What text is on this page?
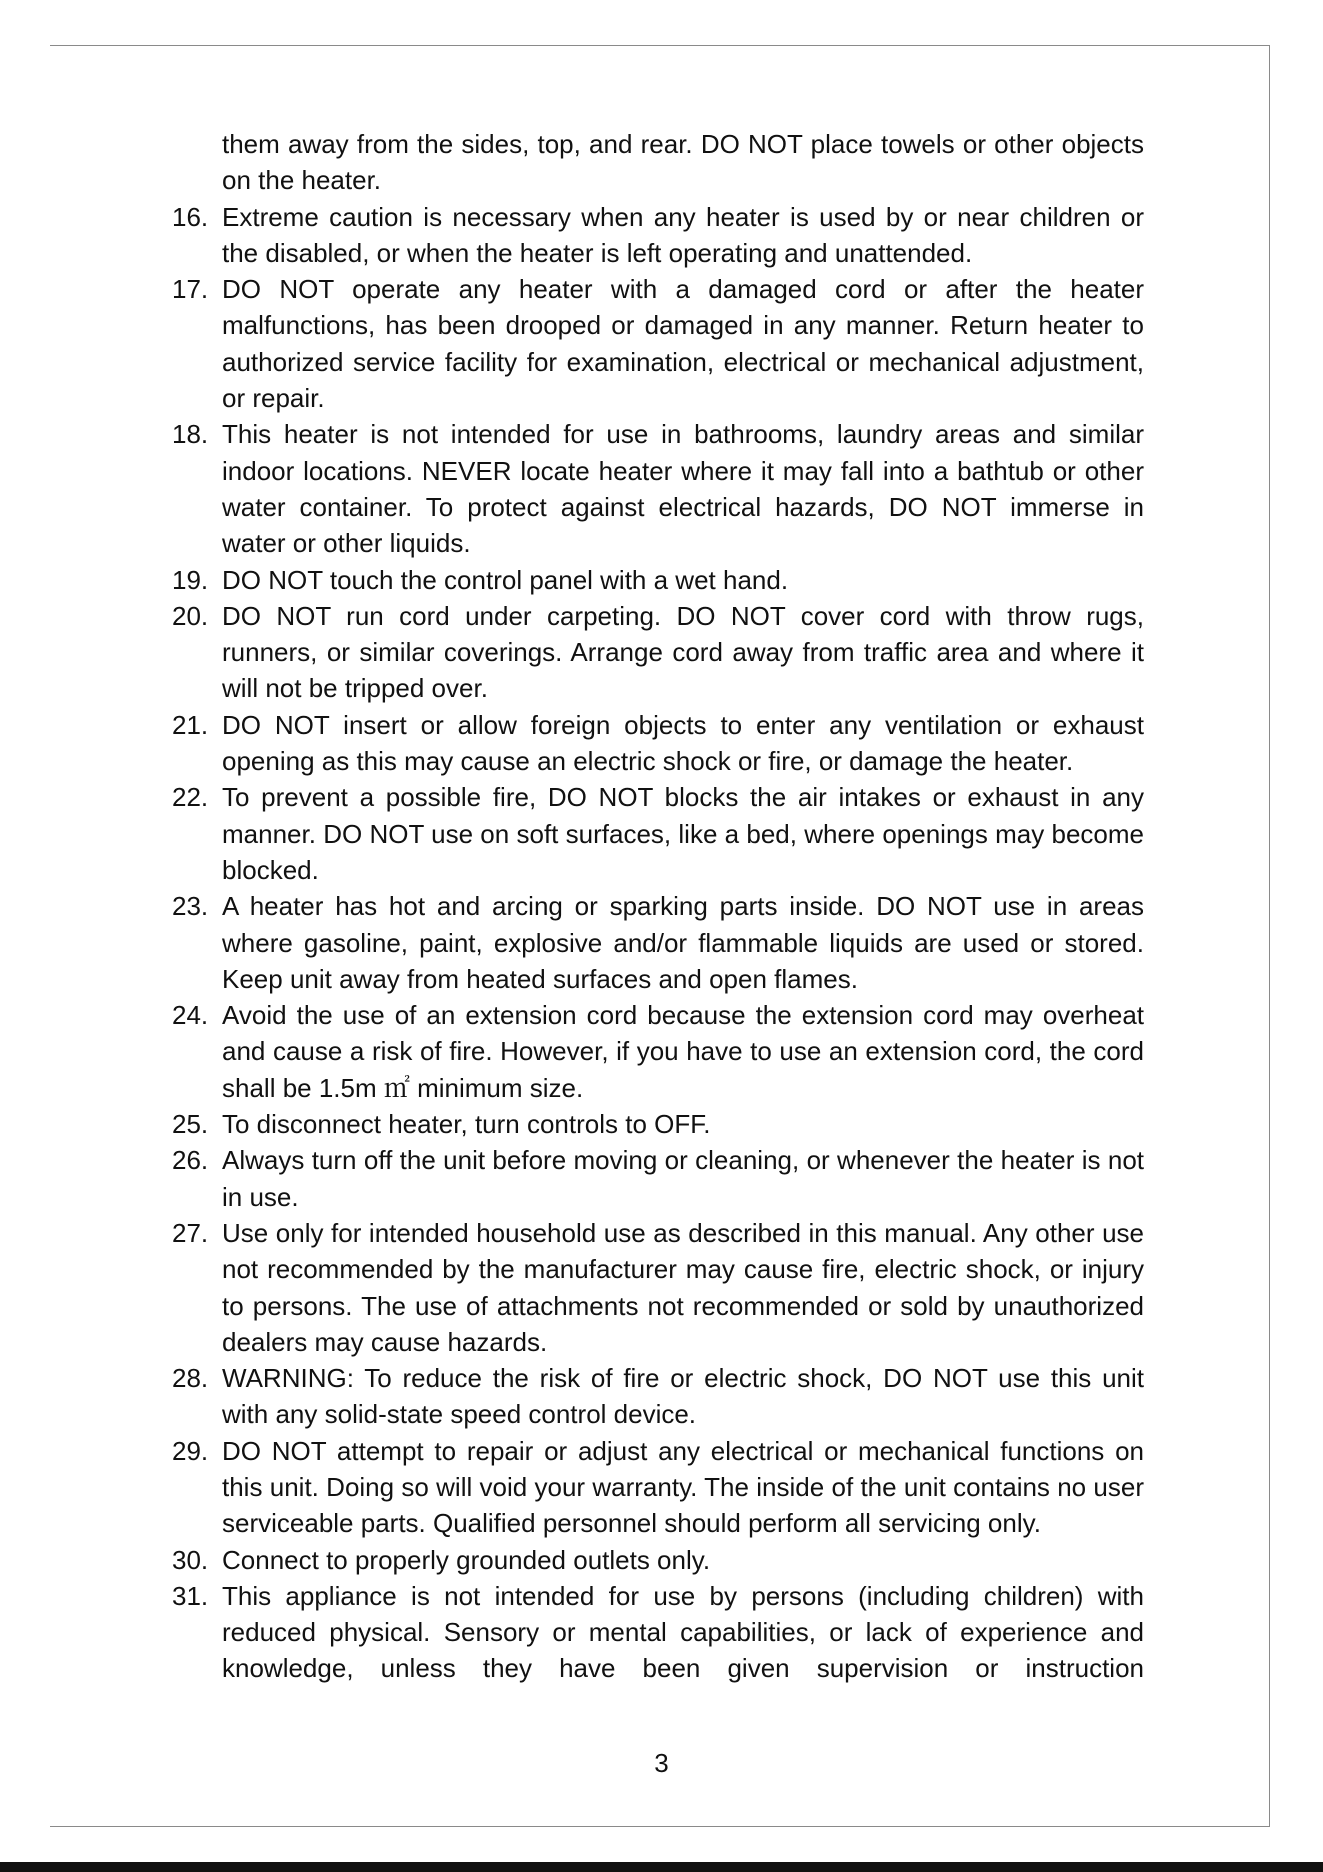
them away from the sides, top, and rear. DO NOT place towels or other objects on the heater.

16. Extreme caution is necessary when any heater is used by or near children or the disabled, or when the heater is left operating and unattended.
17. DO NOT operate any heater with a damaged cord or after the heater malfunctions, has been drooped or damaged in any manner. Return heater to authorized service facility for examination, electrical or mechanical adjustment, or repair.
18. This heater is not intended for use in bathrooms, laundry areas and similar indoor locations. NEVER locate heater where it may fall into a bathtub or other water container. To protect against electrical hazards, DO NOT immerse in water or other liquids.
19. DO NOT touch the control panel with a wet hand.
20. DO NOT run cord under carpeting. DO NOT cover cord with throw rugs, runners, or similar coverings. Arrange cord away from traffic area and where it will not be tripped over.
21. DO NOT insert or allow foreign objects to enter any ventilation or exhaust opening as this may cause an electric shock or fire, or damage the heater.
22. To prevent a possible fire, DO NOT blocks the air intakes or exhaust in any manner. DO NOT use on soft surfaces, like a bed, where openings may become blocked.
23. A heater has hot and arcing or sparking parts inside. DO NOT use in areas where gasoline, paint, explosive and/or flammable liquids are used or stored. Keep unit away from heated surfaces and open flames.
24. Avoid the use of an extension cord because the extension cord may overheat and cause a risk of fire. However, if you have to use an extension cord, the cord shall be 1.5m ㎡ minimum size.
25. To disconnect heater, turn controls to OFF.
26. Always turn off the unit before moving or cleaning, or whenever the heater is not in use.
27. Use only for intended household use as described in this manual. Any other use not recommended by the manufacturer may cause fire, electric shock, or injury to persons. The use of attachments not recommended or sold by unauthorized dealers may cause hazards.
28. WARNING: To reduce the risk of fire or electric shock, DO NOT use this unit with any solid-state speed control device.
29. DO NOT attempt to repair or adjust any electrical or mechanical functions on this unit. Doing so will void your warranty. The inside of the unit contains no user serviceable parts. Qualified personnel should perform all servicing only.
30. Connect to properly grounded outlets only.
31. This appliance is not intended for use by persons (including children) with reduced physical. Sensory or mental capabilities, or lack of experience and knowledge, unless they have been given supervision or instruction
3
